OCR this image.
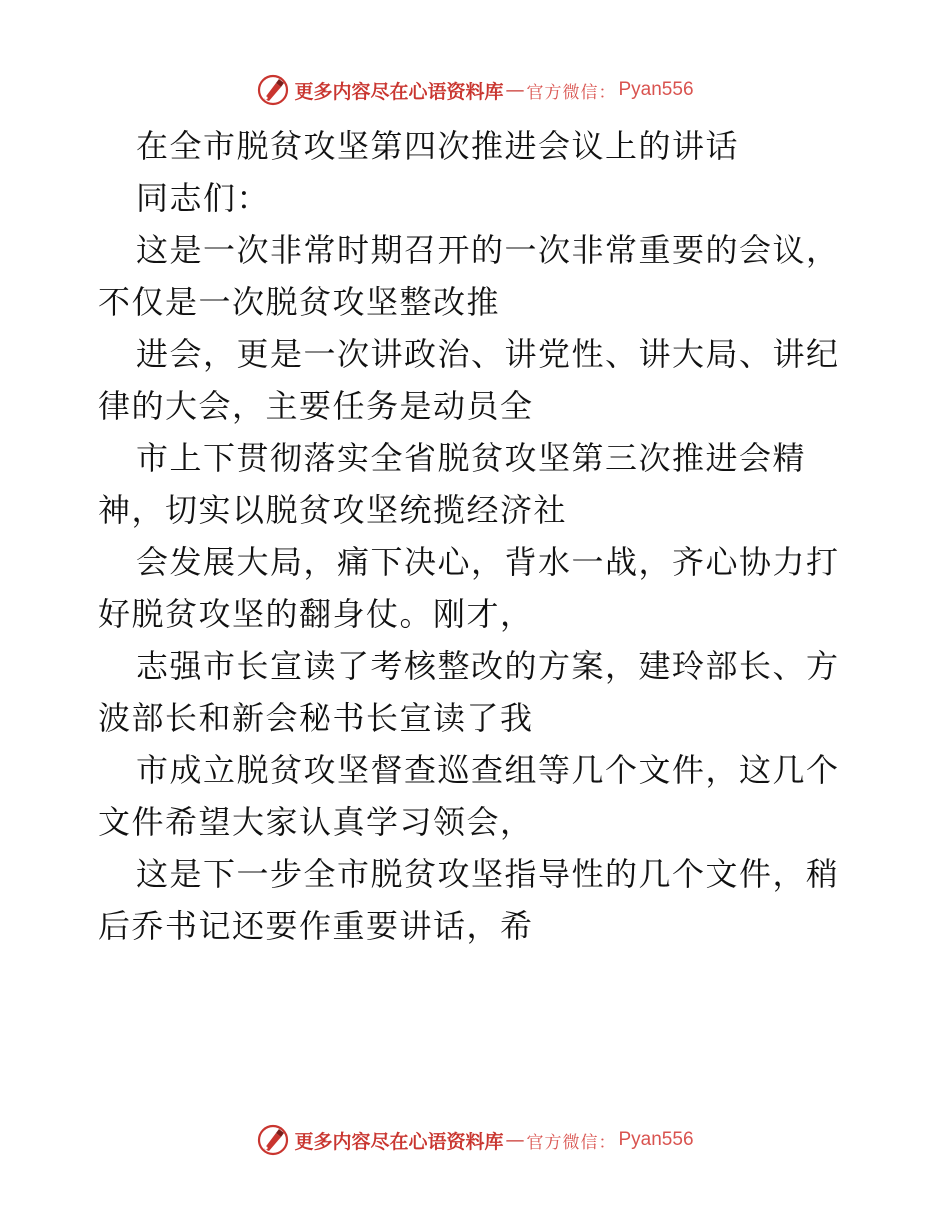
更多内容尽在心语资料库 — 官方微信： Pyan556
在全市脱贫攻坚第四次推进会议上的讲话
同志们：
这是一次非常时期召开的一次非常重要的会议，
不仅是一次脱贫攻坚整改推
进会，更是一次讲政治、讲党性、讲大局、讲纪
律的大会，主要任务是动员全
市上下贯彻落实全省脱贫攻坚第三次推进会精
神，切实以脱贫攻坚统揽经济社
会发展大局，痛下决心，背水一战，齐心协力打
好脱贫攻坚的翻身仗。刚才，
志强市长宣读了考核整改的方案，建玲部长、方
波部长和新会秘书长宣读了我
市成立脱贫攻坚督查巡查组等几个文件，这几个
文件希望大家认真学习领会，
这是下一步全市脱贫攻坚指导性的几个文件，稍
后乔书记还要作重要讲话，希
更多内容尽在心语资料库 — 官方微信： Pyan556
